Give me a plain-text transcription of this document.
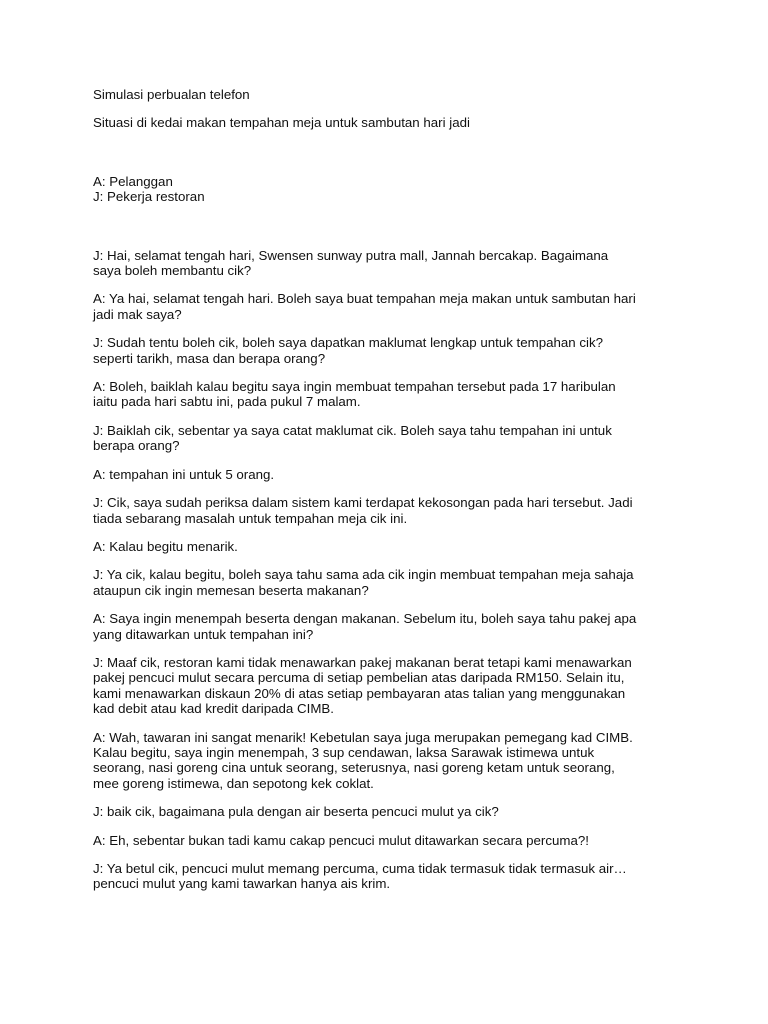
Simulasi perbualan telefon

Situasi di kedai makan tempahan meja untuk sambutan hari jadi

A: Pelanggan

J: Pekerja restoran

J: Hai, selamat tengah hari, Swensen sunway putra mall, Jannah bercakap. Bagaimana

saya boleh membantu cik?

A: Ya hai, selamat tengah hari. Boleh saya buat tempahan meja makan untuk sambutan hari

jadi mak saya?

J: Sudah tentu boleh cik, boleh saya dapatkan maklumat lengkap untuk tempahan cik?

seperti tarikh, masa dan berapa orang?

A: Boleh, baiklah kalau begitu saya ingin membuat tempahan tersebut pada 17 haribulan

iaitu pada hari sabtu ini, pada pukul 7 malam.

J: Baiklah cik, sebentar ya saya catat maklumat cik. Boleh saya tahu tempahan ini untuk

berapa orang?

A: tempahan ini untuk 5 orang.

J: Cik, saya sudah periksa dalam sistem kami terdapat kekosongan pada hari tersebut. Jadi

tiada sebarang masalah untuk tempahan meja cik ini.

A: Kalau begitu menarik.

J: Ya cik, kalau begitu, boleh saya tahu sama ada cik ingin membuat tempahan meja sahaja

ataupun cik ingin memesan beserta makanan?

A: Saya ingin menempah beserta dengan makanan. Sebelum itu, boleh saya tahu pakej apa

yang ditawarkan untuk tempahan ini?

J: Maaf cik, restoran kami tidak menawarkan pakej makanan berat tetapi kami menawarkan

pakej pencuci mulut secara percuma di setiap pembelian atas daripada RM150. Selain itu,

kami menawarkan diskaun 20% di atas setiap pembayaran atas talian yang menggunakan

kad debit atau kad kredit daripada CIMB.

A: Wah, tawaran ini sangat menarik! Kebetulan saya juga merupakan pemegang kad CIMB.

Kalau begitu, saya ingin menempah, 3 sup cendawan, laksa Sarawak istimewa untuk

seorang, nasi goreng cina untuk seorang, seterusnya, nasi goreng ketam untuk seorang,

mee goreng istimewa, dan sepotong kek coklat.

J: baik cik, bagaimana pula dengan air beserta pencuci mulut ya cik?

A: Eh, sebentar bukan tadi kamu cakap pencuci mulut ditawarkan secara percuma?!

J: Ya betul cik, pencuci mulut memang percuma, cuma tidak termasuk tidak termasuk air…

pencuci mulut yang kami tawarkan hanya ais krim.
